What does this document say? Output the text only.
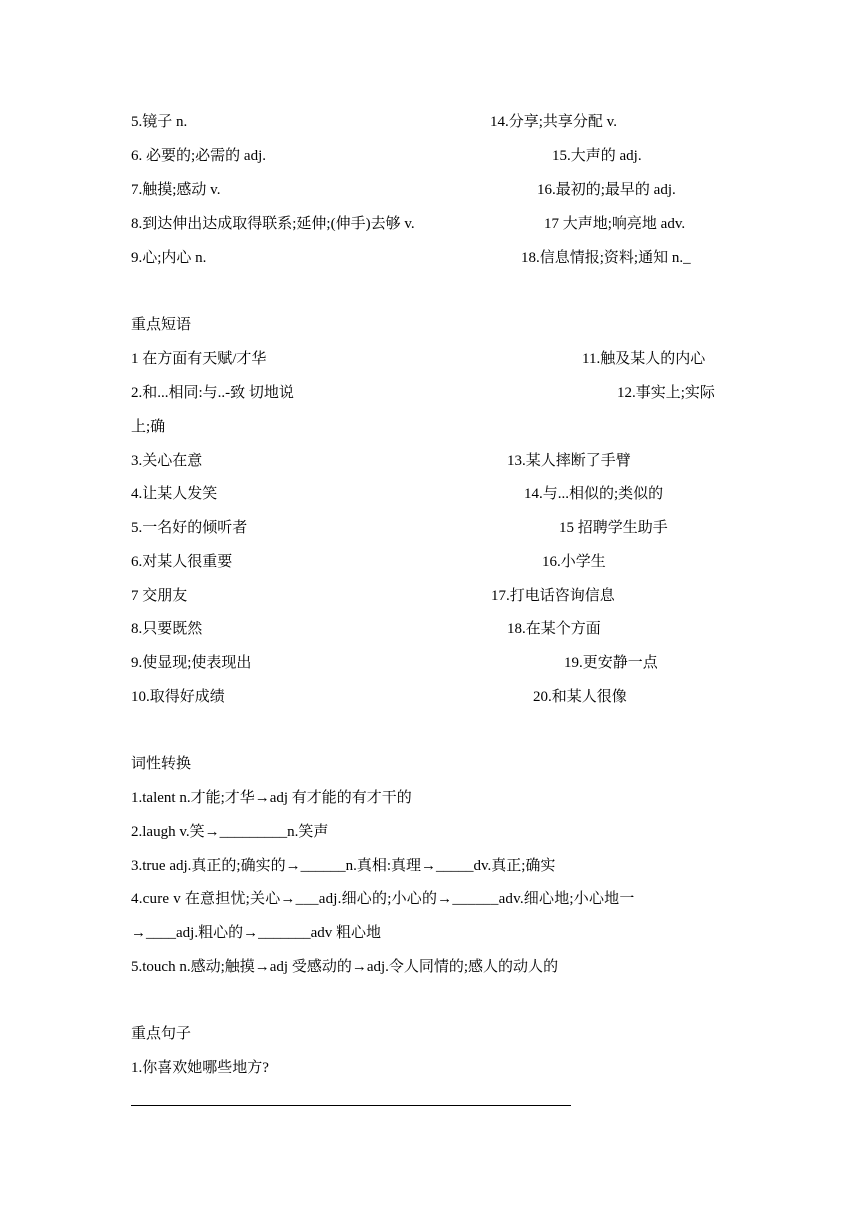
5.镜子 n.
6. 必要的;必需的 adj.
7.触摸;感动 v.
8.到达伸出达成取得联系;延伸;(伸手)去够 v.
9.心;内心 n.
14.分享;共享分配 v.
15.大声的 adj.
16.最初的;最早的 adj.
17 大声地;响亮地 adv.
18.信息情报;资料;通知 n._
重点短语
1 在方面有天赋/才华
2.和...相同:与..-致 切地说
上;确
3.关心在意
4.让某人发笑
5.一名好的倾听者
6.对某人很重要
7 交朋友
8.只要既然
9.使显现;使表现出
10.取得好成绩
11.触及某人的内心
12.事实上;实际
13.某人摔断了手臂
14.与...相似的;类似的
15 招聘学生助手
16.小学生
17.打电话咨询信息
18.在某个方面
19.更安静一点
20.和某人很像
词性转换
1.talent n.才能;才华→adj 有才能的有才干的
2.laugh v.笑→_________n.笑声
3.true adj.真正的;确实的→______n.真相:真理→_____dv.真正;确实
4.cure v 在意担忧;关心→___adj.细心的;小心的→______adv.细心地;小心地一
→____adj.粗心的→_______adv 粗心地
5.touch n.感动;触摸→adj 受感动的→adj.令人同情的;感人的动人的
重点句子
1.你喜欢她哪些地方?
